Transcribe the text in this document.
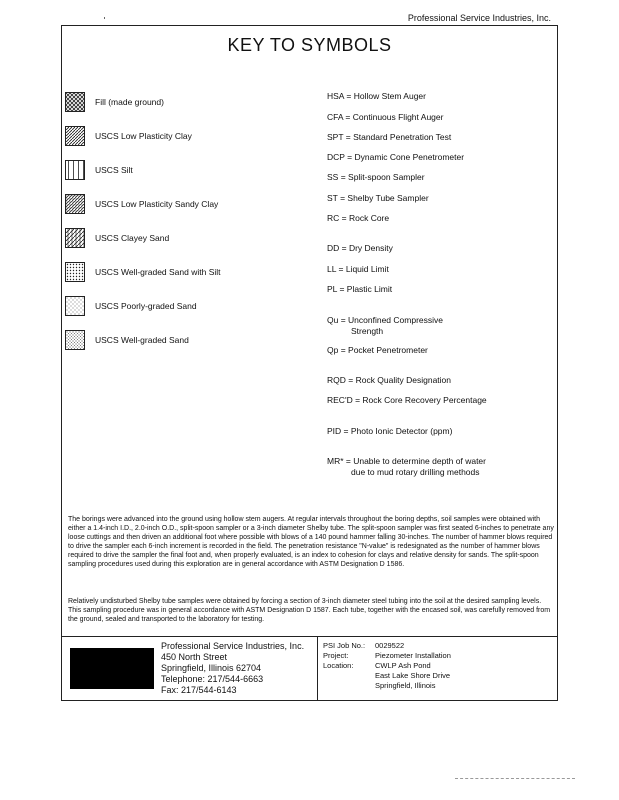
Professional Service Industries, Inc.
KEY TO SYMBOLS
Fill (made ground)
USCS Low Plasticity Clay
USCS Silt
USCS Low Plasticity Sandy Clay
USCS Clayey Sand
USCS Well-graded Sand with Silt
USCS Poorly-graded Sand
USCS Well-graded Sand
HSA = Hollow Stem Auger
CFA = Continuous Flight Auger
SPT = Standard Penetration Test
DCP = Dynamic Cone Penetrometer
SS = Split-spoon Sampler
ST = Shelby Tube Sampler
RC = Rock Core
DD = Dry Density
LL = Liquid Limit
PL = Plastic Limit
Qu = Unconfined Compressive
Strength
Qp = Pocket Penetrometer
RQD = Rock Quality Designation
REC'D = Rock Core Recovery Percentage
PID = Photo Ionic Detector (ppm)
MR* = Unable to determine depth of water
due to mud rotary drilling methods
The borings were advanced into the ground using hollow stem augers. At regular intervals throughout the boring depths, soil samples were obtained with either a 1.4-inch I.D., 2.0-inch O.D., split-spoon sampler or a 3-inch diameter Shelby tube. The split-spoon sampler was first seated 6-inches to penetrate any loose cuttings and then driven an additional foot where possible with blows of a 140 pound hammer falling 30-inches. The number of hammer blows required to drive the sampler each 6-inch increment is recorded in the field. The penetration resistance "N-value" is redesignated as the number of hammer blows required to drive the sampler the final foot and, when properly evaluated, is an index to cohesion for clays and relative density for sands. The split-spoon sampling procedures used during this exploration are in general accordance with ASTM Designation D 1586.
Relatively undisturbed Shelby tube samples were obtained by forcing a section of 3-inch diameter steel tubing into the soil at the desired sampling levels. This sampling procedure was in general accordance with ASTM Designation D 1587. Each tube, together with the encased soil, was carefully removed from the ground, sealed and transported to the laboratory for testing.
Professional Service Industries, Inc.
450 North Street
Springfield, Illinois 62704
Telephone: 217/544-6663
Fax: 217/544-6143
PSI Job No.:	0029522
Project:	Piezometer Installation
Location:	CWLP Ash Pond
East Lake Shore Drive
Springfield, Illinois
